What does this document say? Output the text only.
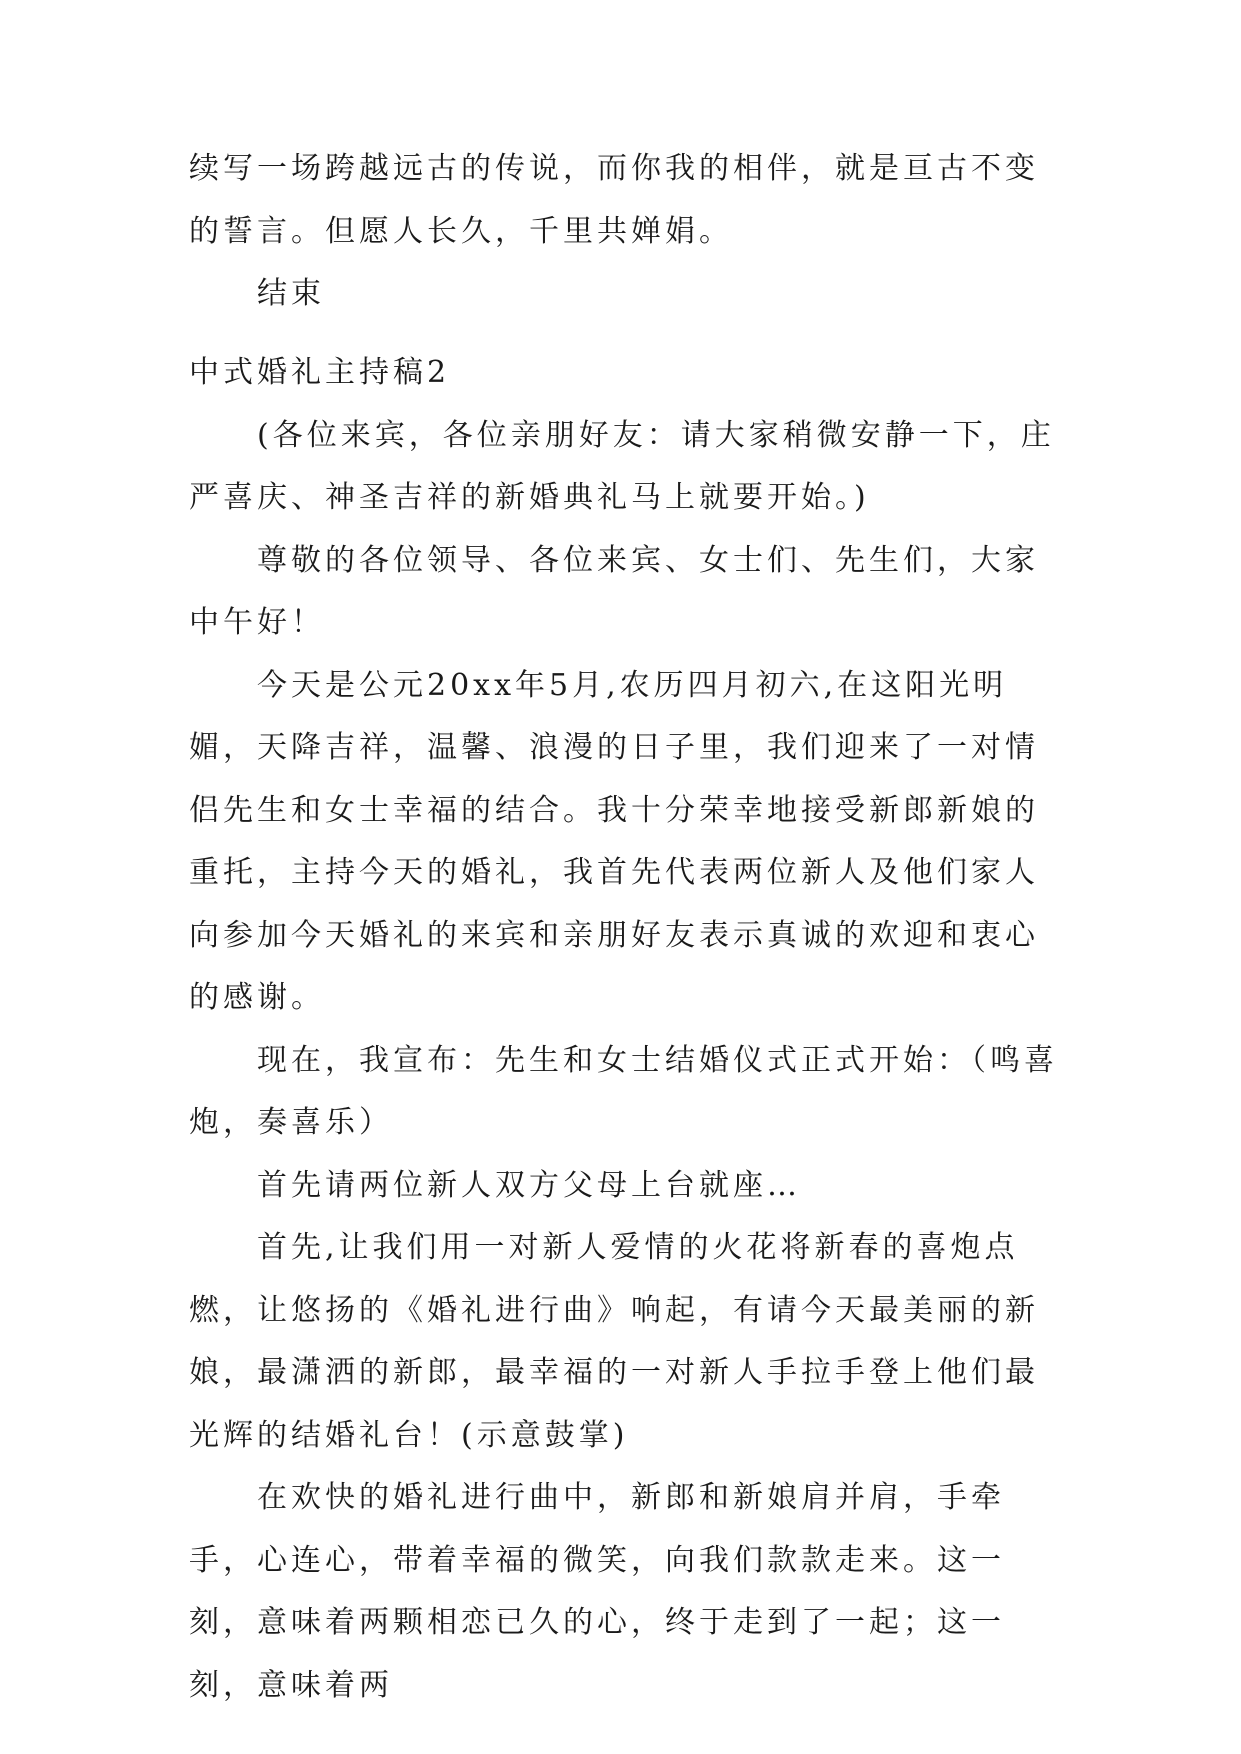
续写一场跨越远古的传说，而你我的相伴，就是亘古不变的誓言。但愿人长久，千里共婵娟。

结束

中式婚礼主持稿2

(各位来宾，各位亲朋好友：请大家稍微安静一下，庄严喜庆、神圣吉祥的新婚典礼马上就要开始。)

尊敬的各位领导、各位来宾、女士们、先生们，大家中午好！

今天是公元20xx年5月,农历四月初六,在这阳光明媚，天降吉祥，温馨、浪漫的日子里，我们迎来了一对情侣先生和女士幸福的结合。我十分荣幸地接受新郎新娘的重托，主持今天的婚礼，我首先代表两位新人及他们家人向参加今天婚礼的来宾和亲朋好友表示真诚的欢迎和衷心的感谢。

现在，我宣布：先生和女士结婚仪式正式开始：（鸣喜炮，奏喜乐）

首先请两位新人双方父母上台就座…

首先,让我们用一对新人爱情的火花将新春的喜炮点燃，让悠扬的《婚礼进行曲》响起，有请今天最美丽的新娘，最潇洒的新郎，最幸福的一对新人手拉手登上他们最光辉的结婚礼台！(示意鼓掌)

在欢快的婚礼进行曲中，新郎和新娘肩并肩，手牵手，心连心，带着幸福的微笑，向我们款款走来。这一刻，意味着两颗相恋已久的心，终于走到了一起；这一刻，意味着两
